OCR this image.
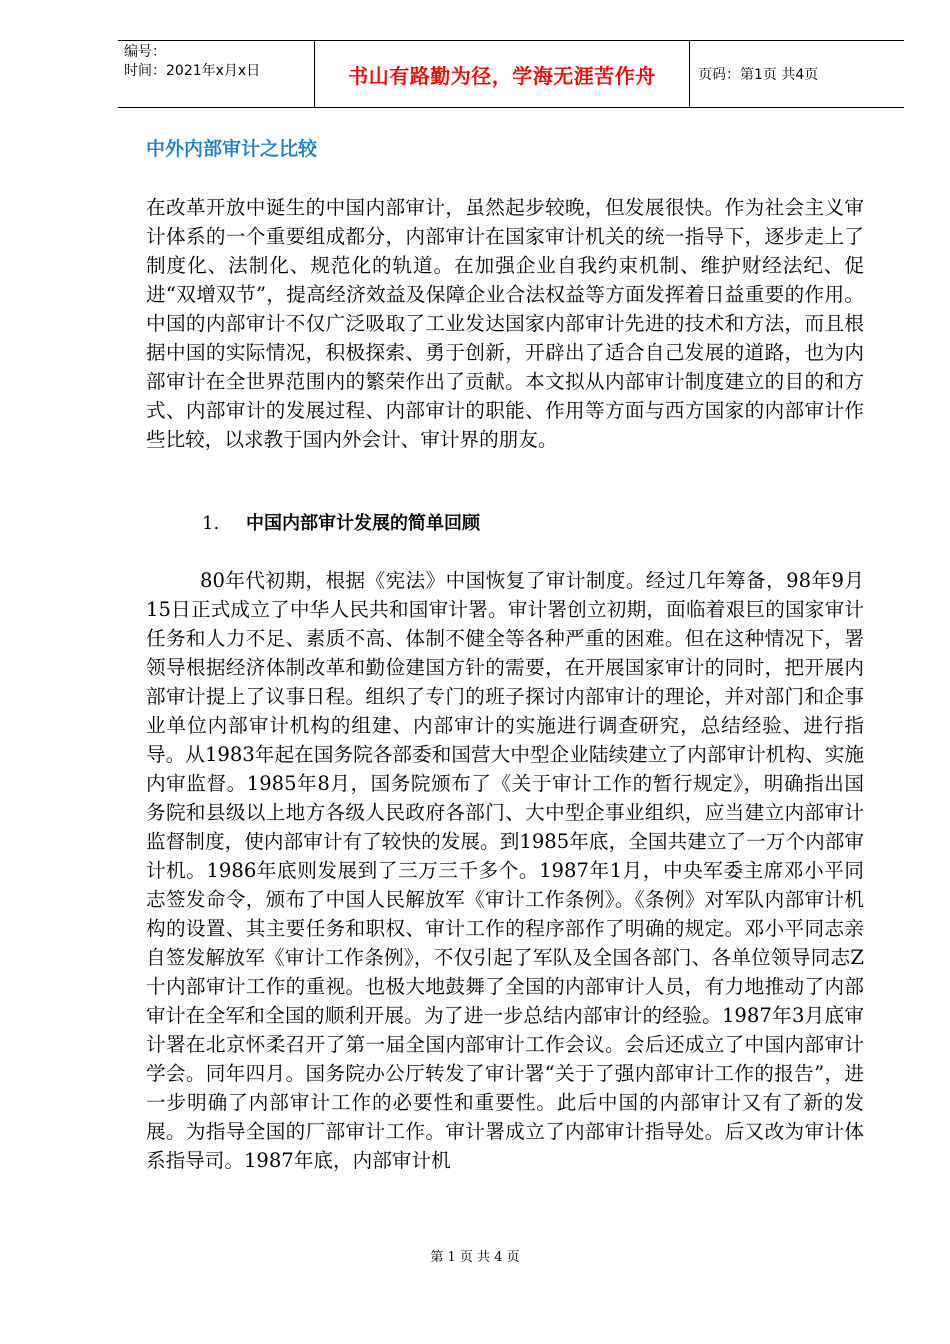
编号：
时间：2021年x月x日	书山有路勤为径，学海无涯苦作舟	页码：第1页 共4页
中外内部审计之比较

在改革开放中诞生的中国内部审计，虽然起步较晚，但发展很快。作为社会主义审计体系的一个重要组成都分，内部审计在国家审计机关的统一指导下，逐步走上了制度化、法制化、规范化的轨道。在加强企业自我约束机制、维护财经法纪、促进“双增双节”，提高经济效益及保障企业合法权益等方面发挥着日益重要的作用。中国的内部审计不仅广泛吸取了工业发达国家内部审计先进的技术和方法，而且根据中国的实际情况，积极探索、勇于创新，开辟出了适合自己发展的道路，也为内部审计在全世界范围内的繁荣作出了贡献。本文拟从内部审计制度建立的目的和方式、内部审计的发展过程、内部审计的职能、作用等方面与西方国家的内部审计作些比较，以求教于国内外会计、审计界的朋友。

1. 中国内部审计发展的简单回顾

80年代初期，根据《宪法》中国恢复了审计制度。经过几年筹备，98年9月15日正式成立了中华人民共和国审计署。审计署创立初期，面临着艰巨的国家审计任务和人力不足、素质不高、体制不健全等各种严重的困难。但在这种情况下，署领导根据经济体制改革和勤俭建国方针的需要，在开展国家审计的同时，把开展内部审计提上了议事日程。组织了专门的班子探讨内部审计的理论，并对部门和企事业单位内部审计机构的组建、内部审计的实施进行调查研究，总结经验、进行指导。从1983年起在国务院各部委和国营大中型企业陆续建立了内部审计机构、实施内审监督。1985年8月，国务院颁布了《关于审计工作的暂行规定》，明确指出国务院和县级以上地方各级人民政府各部门、大中型企事业组织，应当建立内部审计监督制度，使内部审计有了较快的发展。到1985年底，全国共建立了一万个内部审计机。1986年底则发展到了三万三千多个。1987年1月，中央军委主席邓小平同志签发命令，颁布了中国人民解放军《审计工作条例》。《条例》对军队内部审计机构的设置、其主要任务和职权、审计工作的程序部作了明确的规定。邓小平同志亲自签发解放军《审计工作条例》，不仅引起了军队及全国各部门、各单位领导同志Z十内部审计工作的重视。也极大地鼓舞了全国的内部审计人员，有力地推动了内部审计在全军和全国的顺利开展。为了进一步总结内部审计的经验。1987年3月底审计署在北京怀柔召开了第一届全国内部审计工作会议。会后还成立了中国内部审计学会。同年四月。国务院办公厅转发了审计署“关于了强内部审计工作的报告”，进一步明确了内部审计工作的必要性和重要性。此后中国的内部审计又有了新的发展。为指导全国的厂部审计工作。审计署成立了内部审计指导处。后又改为审计体系指导司。1987年底，内部审计机

第 1 页 共 4 页
